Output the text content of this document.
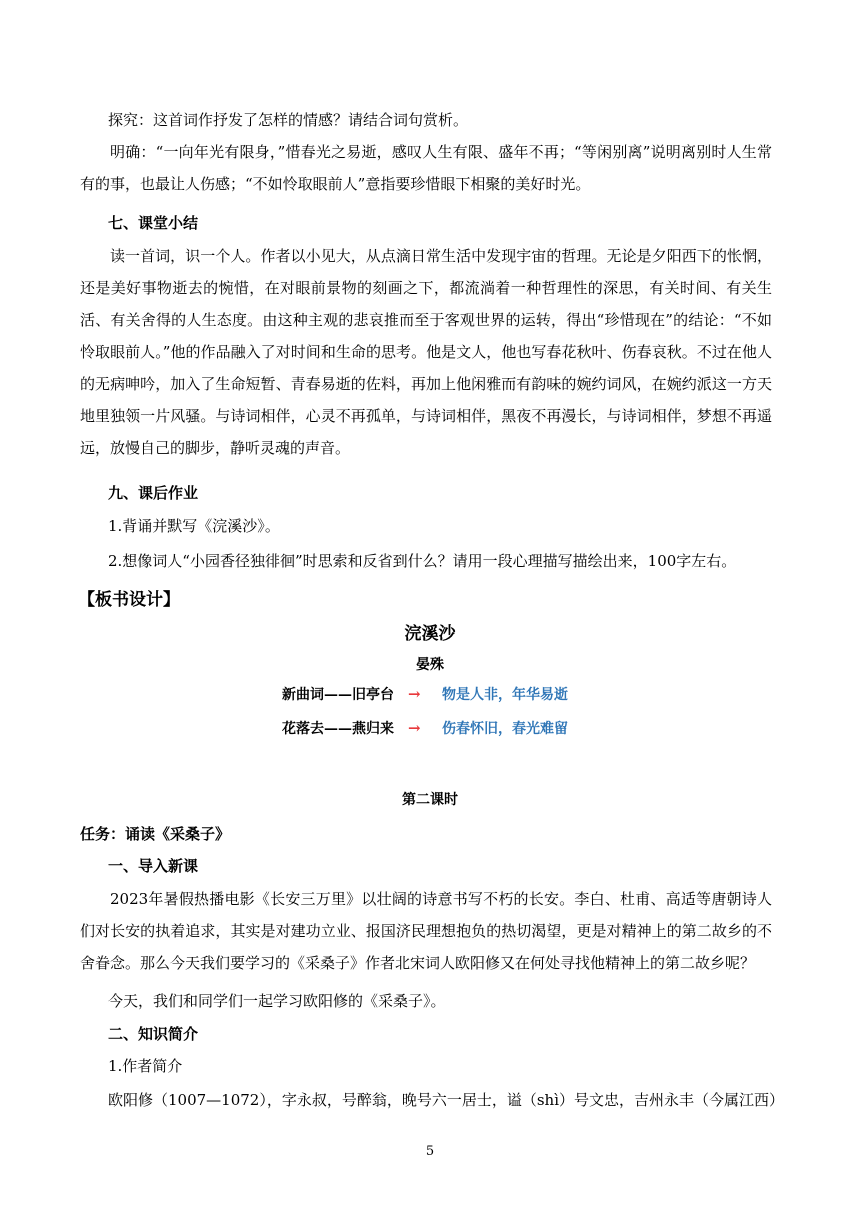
探究：这首词作抒发了怎样的情感？请结合词句赏析。
明确：“一向年光有限身，”惜春光之易逝，感叹人生有限、盛年不再；“等闲别离”说明离别时人生常有的事，也最让人伤感；“不如怜取眼前人”意指要珍惜眼下相聚的美好时光。
七、课堂小结
读一首词，识一个人。作者以小见大，从点滴日常生活中发现宇宙的哲理。无论是夕阳西下的怅惘，还是美好事物逝去的惋惜，在对眼前景物的刻画之下，都流淌着一种哲理性的深思，有关时间、有关生活、有关舍得的人生态度。由这种主观的悲哀推而至于客观世界的运转，得出“珍惜现在”的结论：“不如怜取眼前人。”他的作品融入了对时间和生命的思考。他是文人，他也写春花秋叶、伤春哀秋。不过在他人的无病呻吟，加入了生命短暂、青春易逝的佐料，再加上他闲雅而有韵味的婉约词风，在婉约派这一方天地里独领一片风骚。与诗词相伴，心灵不再孤单，与诗词相伴，黑夜不再漫长，与诗词相伴，梦想不再遥远，放慢自己的脚步，静听灵魂的声音。
九、课后作业
1.背诵并默写《浣溪沙》。
2.想像词人“小园香径独徘徊”时思索和反省到什么？请用一段心理描写描绘出来，100字左右。
【板书设计】
浣溪沙
晏殊
新曲词——旧亭台 →	物是人非，年华易逝
花落去——燕归来 →	伤春怀旧，春光难留
第二课时
任务：诵读《采桑子》
一、导入新课
2023年暑假热播电影《长安三万里》以壮阔的诗意书写不朽的长安。李白、杜甫、高适等唐朝诗人们对长安的执着追求，其实是对建功立业、报国济民理想抱负的热切渴望，更是对精神上的第二故乡的不舍眷念。那么今天我们要学习的《采桑子》作者北宋词人欧阳修又在何处寻找他精神上的第二故乡呢？
今天，我们和同学们一起学习欧阳修的《采桑子》。
二、知识简介
1.作者简介
欧阳修（1007—1072），字永叔，号醉翁，晚号六一居士，谥（shì）号文忠，吉州永丰（今属江西）
5
